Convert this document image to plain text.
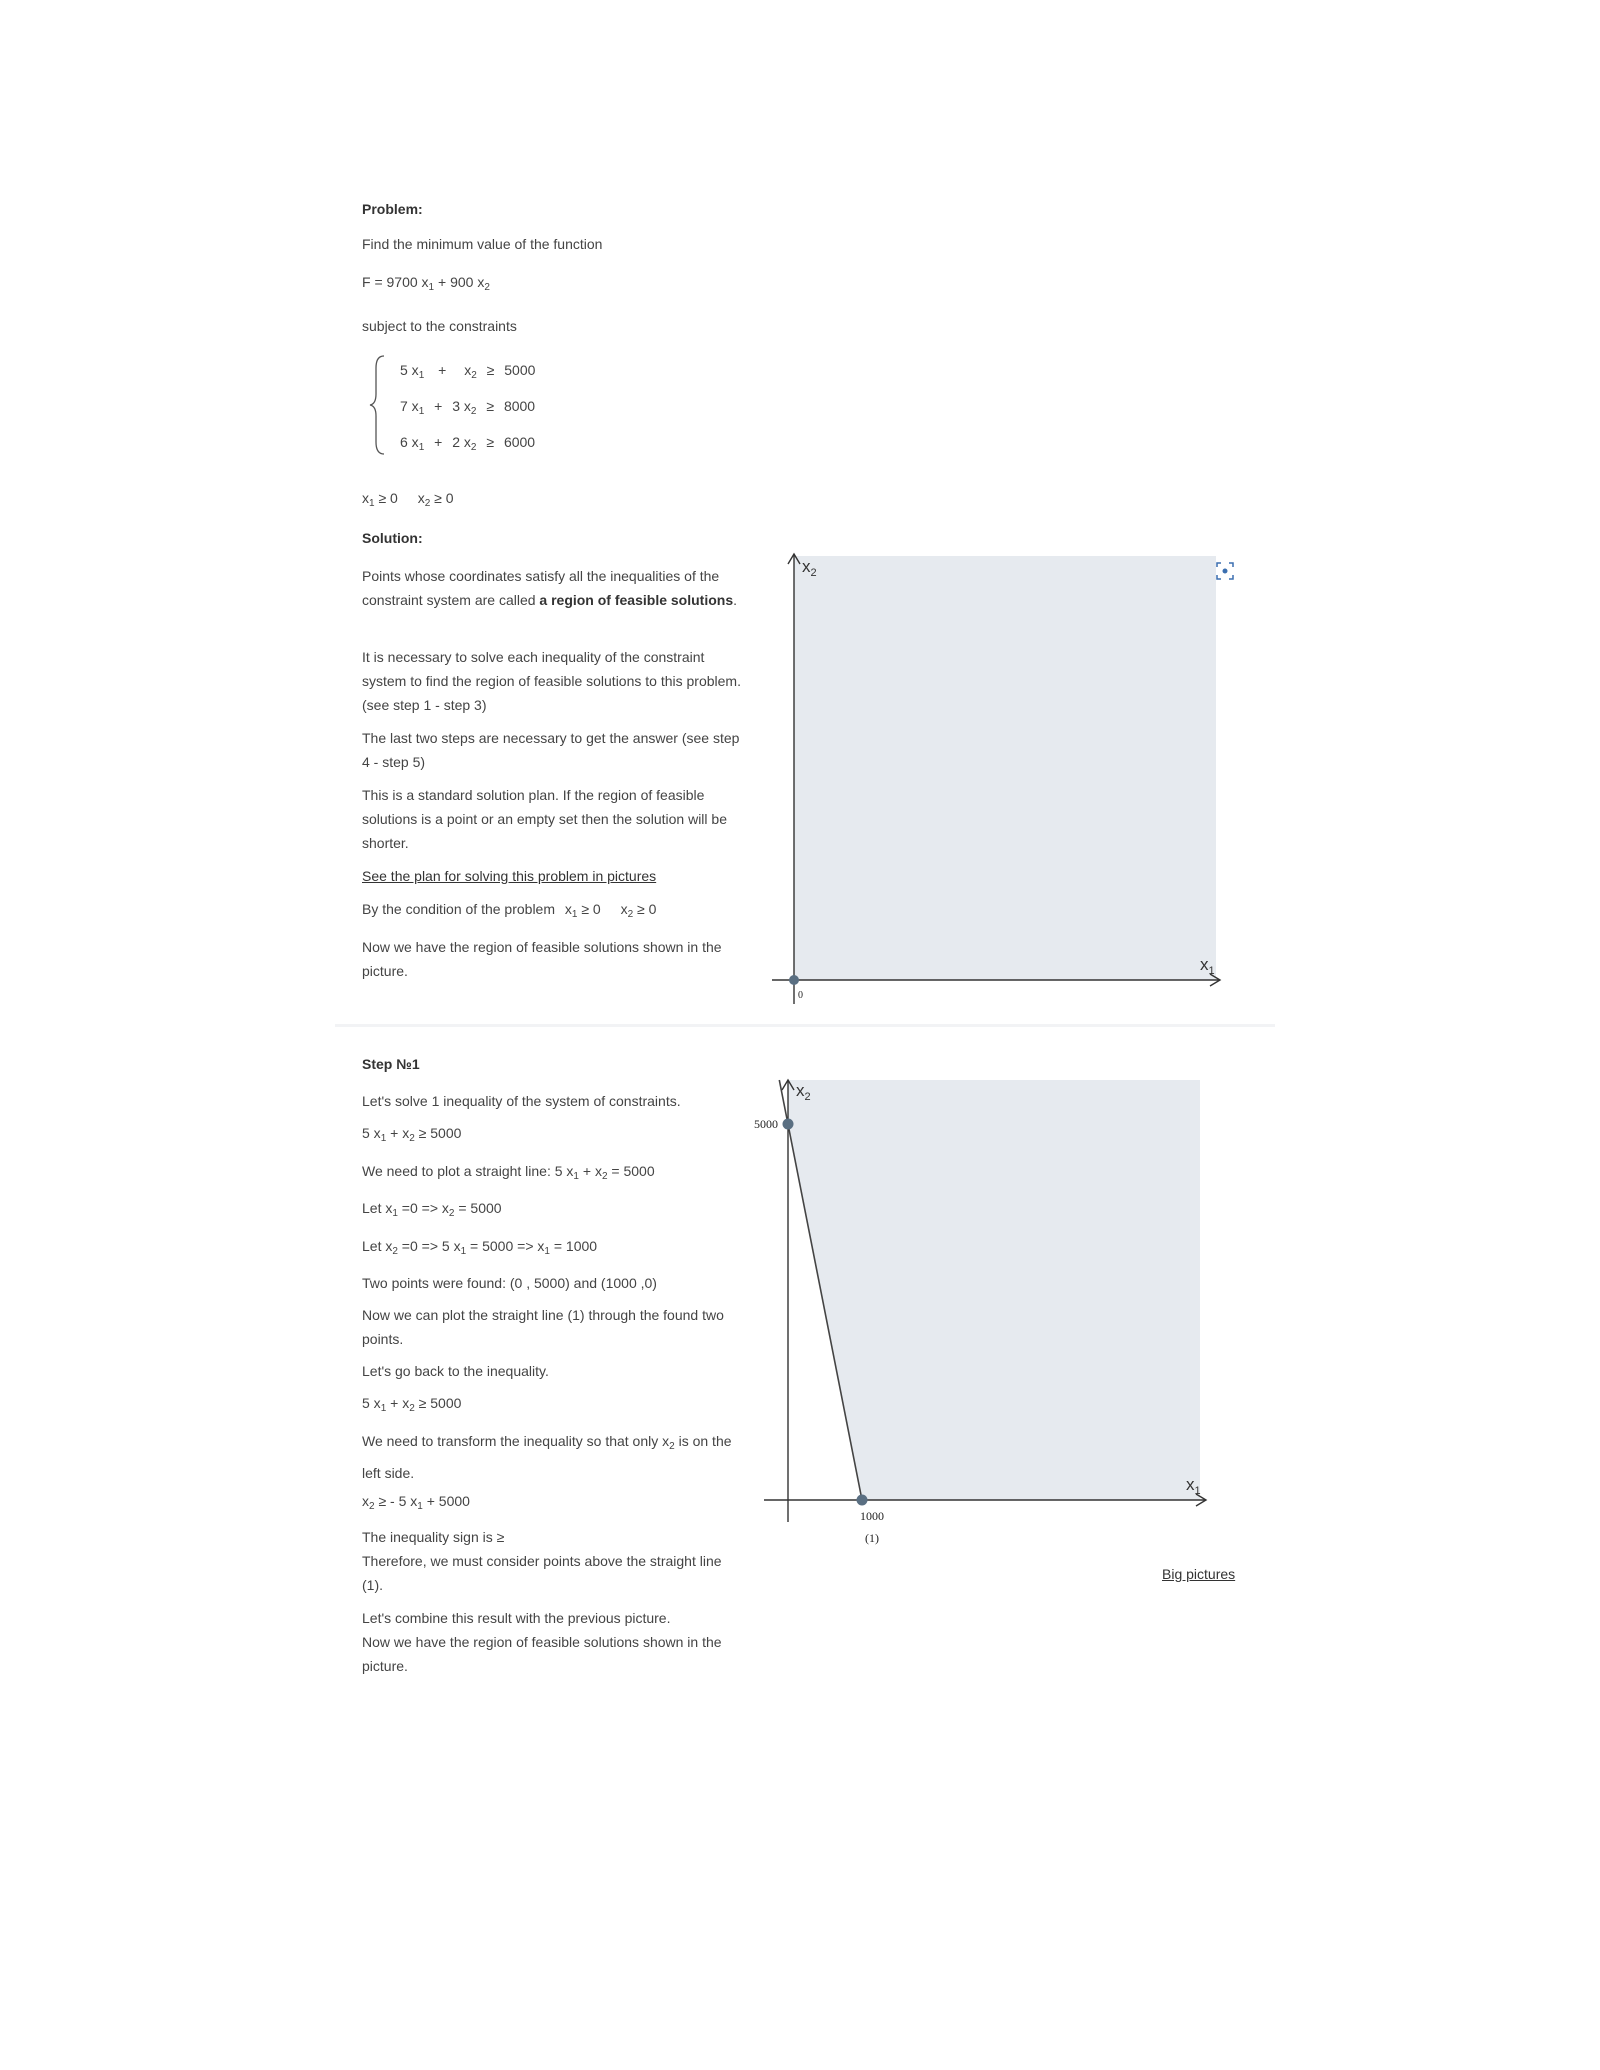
Problem:
Find the minimum value of the function
F = 9700 $x_1 + 900$ $x_2$
subject to the constraints
5 $x_1 + x_2 \ge 5000$
7 $x_1 + 3$ $x_2 \ge 8000$
6 $x_1 + 2$ $x_2 \ge 6000$
$x_1 \ge 0$ $x_2 \ge 0$
Solution:
Points whose coordinates satisfy all the inequalities of the constraint system are called a region of feasible solutions.
It is necessary to solve each inequality of the constraint system to find the region of feasible solutions to this problem. (see step 1 - step 3)
The last two steps are necessary to get the answer (see step 4 - step 5)
This is a standard solution plan. If the region of feasible solutions is a point or an empty set then the solution will be shorter.
See the plan for solving this problem in pictures
By the condition of the problem $x_1 \ge 0$ $x_2 \ge 0$
Now we have the region of feasible solutions shown in the picture.
$x_2$
$x_1$
0
Step №1
Let's solve 1 inequality of the system of constraints.
5 $x_1 + x_2 \ge 5000$
We need to plot a straight line: 5 $x_1 + x_2 = 5000$
Let $x_1 =0 => x_2 = 5000$
Let $x_2 =0 => 5$ $x_1 = 5000 => x_1 = 1000$
Two points were found: (0 , 5000) and (1000 ,0)
Now we can plot the straight line (1) through the found two points.
Let's go back to the inequality.
5 $x_1 + x_2 \ge 5000$
We need to transform the inequality so that only $x_2$ is on the left side.
$x_2$ ≥ - 5 $x_1 + 5000$
The inequality sign is ≥
Therefore, we must consider points above the straight line (1).
Let's combine this result with the previous picture.
Now we have the region of feasible solutions shown in the picture.
$x_2$
$x_1$
5000
1000
(1)
Big pictures
